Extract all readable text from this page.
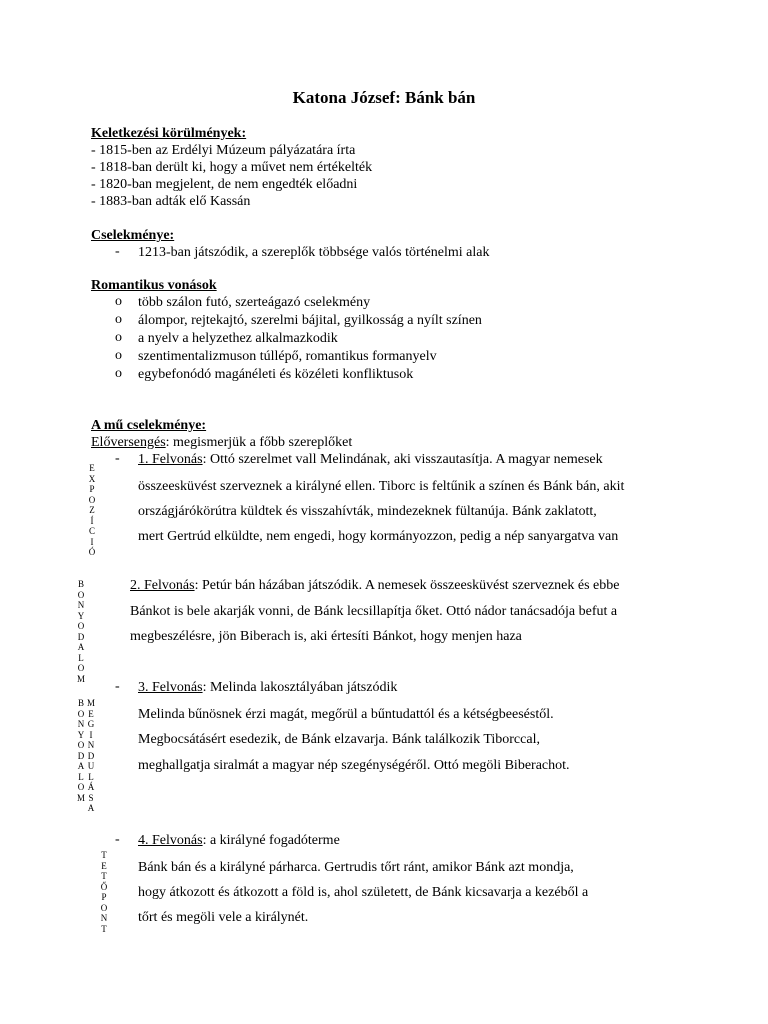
Katona József: Bánk bán
Keletkezési körülmények:
- 1815-ben az Erdélyi Múzeum pályázatára írta
- 1818-ban derült ki, hogy a művet nem értékelték
- 1820-ban megjelent, de nem engedték előadni
- 1883-ban adták elő Kassán
Cselekménye:
- 1213-ban játszódik, a szereplők többsége valós történelmi alak
Romantikus vonások
o több szálon futó, szerteágazó cselekmény
o álompor, rejtekajtó, szerelmi bájital, gyilkosság a nyílt színen
o a nyelv a helyzethez alkalmazkodik
o szentimentalizmuson túllépő, romantikus formanyelv
o egybefonódó magánéleti és közéleti konfliktusok
A mű cselekménye:
Előversengés: megismerjük a főbb szereplőket
E
X
P
O
Z
Í
C
I
Ó
- 1. Felvonás: Ottó szerelmet vall Melindának, aki visszautasítja. A magyar nemesek
összeesküvést szerveznek a királyné ellen. Tiborc is feltűnik a színen és Bánk bán, akit
országjárókörútra küldtek és visszahívták, mindezeknek fültanúja. Bánk zaklatott,
mert Gertrúd elküldte, nem engedi, hogy kormányozzon, pedig a nép sanyargatva van
B
O
N
Y
O
D
A
L
O
M
2. Felvonás: Petúr bán házában játszódik. A nemesek összeesküvést szerveznek és ebbe
Bánkot is bele akarják vonni, de Bánk lecsillapítja őket. Ottó nádor tanácsadója befut a
megbeszélésre, jön Biberach is, aki értesíti Bánkot, hogy menjen haza
B
O
N
Y
O
D
A
L
O
M
M
E
G
I
N
D
U
L
Á
S
A
- 3. Felvonás: Melinda lakosztályában játszódik
Melinda bűnösnek érzi magát, megőrül a bűntudattól és a kétségbeeséstől.
Megbocsátásért esedezik, de Bánk elzavarja. Bánk találkozik Tiborccal,
meghallgatja siralmát a magyar nép szegénységéről. Ottó megöli Biberachot.
T
E
T
Ő
P
O
N
T
- 4. Felvonás: a királyné fogadóterme
Bánk bán és a királyné párharca. Gertrudis tőrt ránt, amikor Bánk azt mondja,
hogy átkozott és átkozott a föld is, ahol született, de Bánk kicsavarja a kezéből a
tőrt és megöli vele a királynét.
